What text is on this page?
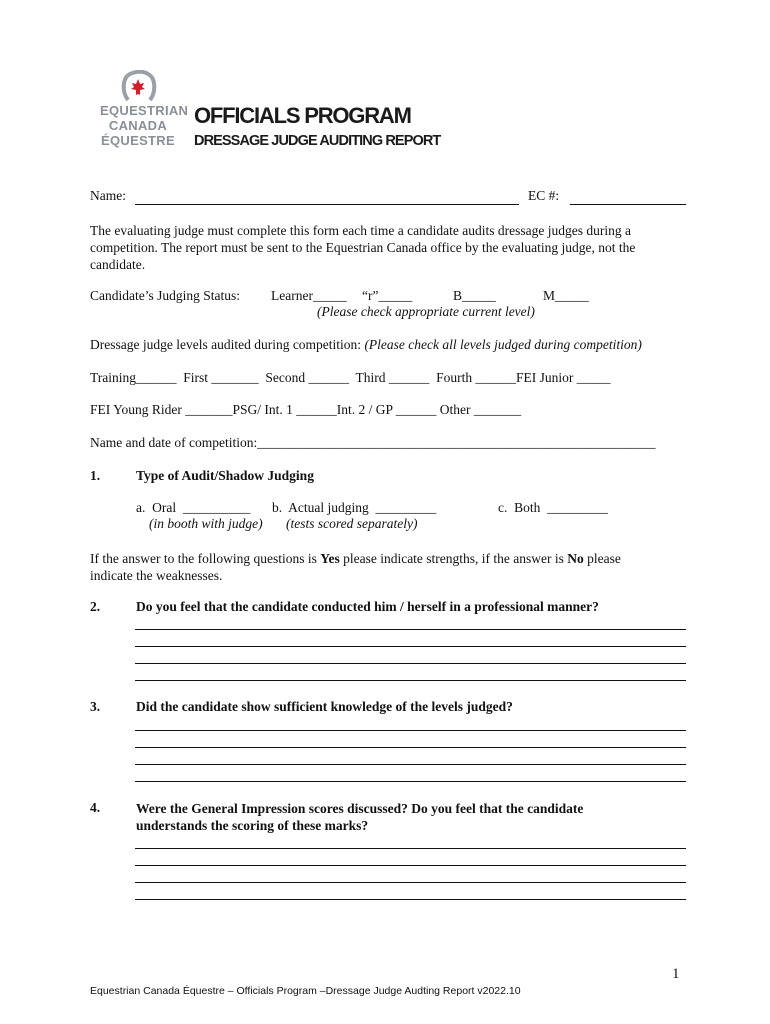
EQUESTRIAN
CANADA
ÉQUESTRE
OFFICIALS PROGRAM
DRESSAGE JUDGE AUDITING REPORT
Name:	EC #:
The evaluating judge must complete this form each time a candidate audits dressage judges during a competition. The report must be sent to the Equestrian Canada office by the evaluating judge, not the candidate.
Candidate’s Judging Status: Learner_____ “r”_____	B_____	M_____
(Please check appropriate current level)
Dressage judge levels audited during competition: (Please check all levels judged during competition)
Training______  First _______  Second ______  Third ______  Fourth ______FEI Junior _____
FEI Young Rider _______PSG/ Int. 1 ______Int. 2 / GP ______ Other _______
Name and date of competition:___________________________________________________________
1.	Type of Audit/Shadow Judging
a.  Oral  __________
(in booth with judge)
b.  Actual judging  _________
(tests scored separately)
c.  Both  _________
If the answer to the following questions is Yes please indicate strengths, if the answer is No please
indicate the weaknesses.
2.	Do you feel that the candidate conducted him / herself in a professional manner?
3.	Did the candidate show sufficient knowledge of the levels judged?
4.	Were the General Impression scores discussed? Do you feel that the candidate
understands the scoring of these marks?
1
Equestrian Canada Équestre – Officials Program –Dressage Judge Audting Report v2022.10
